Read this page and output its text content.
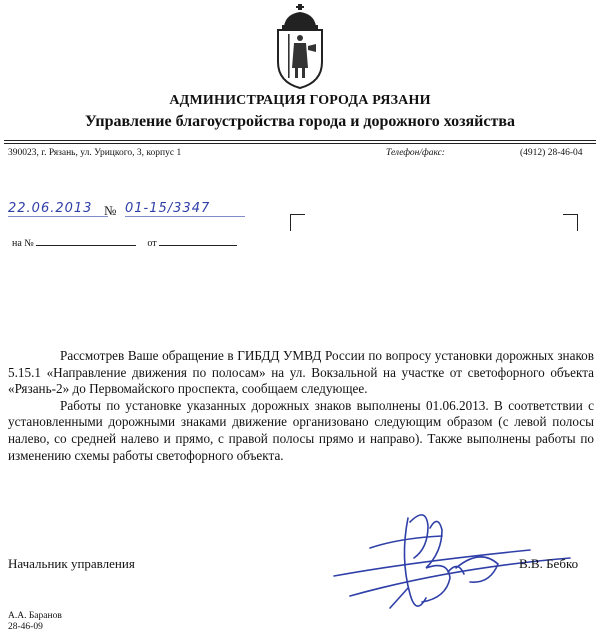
АДМИНИСТРАЦИЯ ГОРОДА РЯЗАНИ
Управление благоустройства города и дорожного хозяйства
390023, г. Рязань, ул. Урицкого, 3, корпус 1	Телефон/факс:	(4912) 28-46-04
22.06.2013 № 01-15/3347
на №	от

Рассмотрев Ваше обращение в ГИБДД УМВД России по вопросу установки дорожных знаков 5.15.1 «Направление движения по полосам» на ул. Вокзальной на участке от светофорного объекта «Рязань-2» до Первомайского проспекта, сообщаем следующее.

Работы по установке указанных дорожных знаков выполнены 01.06.2013. В соответствии с установленными дорожными знаками движение организовано следующим образом (с левой полосы налево, со средней налево и прямо, с правой полосы прямо и направо). Также выполнены работы по изменению схемы работы светофорного объекта.

Начальник управления	В.В. Бебко
А.А. Баранов
28-46-09
